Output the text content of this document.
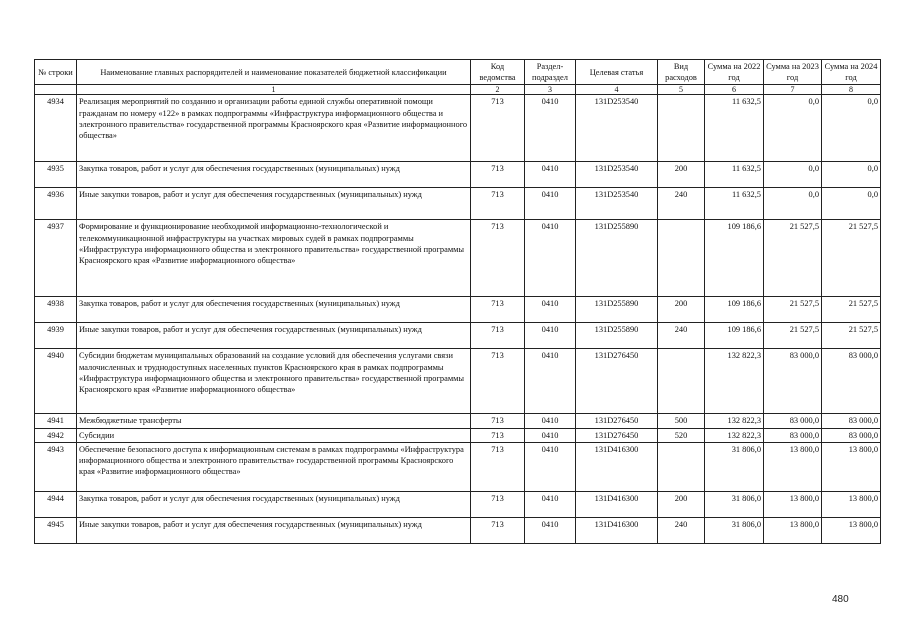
№ строки	Наименование главных распорядителей и наименование показателей бюджетной классификации	Код ведомства	Раздел-подраздел	Целевая статья	Вид расходов	Сумма на 2022 год	Сумма на 2023 год	Сумма на 2024 год
	1	2	3	4	5	6	7	8
4934	Реализация мероприятий по созданию и организации работы единой службы оперативной помощи гражданам по номеру «122» в рамках подпрограммы «Инфраструктура информационного общества и электронного правительства» государственной программы Красноярского края «Развитие информационного общества»	713	0410	131D253540		11 632,5	0,0	0,0
4935	Закупка товаров, работ и услуг для обеспечения государственных (муниципальных) нужд	713	0410	131D253540	200	11 632,5	0,0	0,0
4936	Иные закупки товаров, работ и услуг для обеспечения государственных (муниципальных) нужд	713	0410	131D253540	240	11 632,5	0,0	0,0
4937	Формирование и функционирование необходимой информационно-технологической и телекоммуникационной инфраструктуры на участках мировых судей в рамках подпрограммы «Инфраструктура информационного общества и электронного правительства» государственной программы Красноярского края «Развитие информационного общества»	713	0410	131D255890		109 186,6	21 527,5	21 527,5
4938	Закупка товаров, работ и услуг для обеспечения государственных (муниципальных) нужд	713	0410	131D255890	200	109 186,6	21 527,5	21 527,5
4939	Иные закупки товаров, работ и услуг для обеспечения государственных (муниципальных) нужд	713	0410	131D255890	240	109 186,6	21 527,5	21 527,5
4940	Субсидии бюджетам муниципальных образований на создание условий для обеспечения услугами связи малочисленных и труднодоступных населенных пунктов Красноярского края в рамках подпрограммы «Инфраструктура информационного общества и электронного правительства» государственной программы Красноярского края «Развитие информационного общества»	713	0410	131D276450		132 822,3	83 000,0	83 000,0
4941	Межбюджетные трансферты	713	0410	131D276450	500	132 822,3	83 000,0	83 000,0
4942	Субсидии	713	0410	131D276450	520	132 822,3	83 000,0	83 000,0
4943	Обеспечение безопасного доступа к информационным системам в рамках подпрограммы «Инфраструктура информационного общества и электронного правительства» государственной программы Красноярского края «Развитие информационного общества»	713	0410	131D416300		31 806,0	13 800,0	13 800,0
4944	Закупка товаров, работ и услуг для обеспечения государственных (муниципальных) нужд	713	0410	131D416300	200	31 806,0	13 800,0	13 800,0
4945	Иные закупки товаров, работ и услуг для обеспечения государственных (муниципальных) нужд	713	0410	131D416300	240	31 806,0	13 800,0	13 800,0
480
